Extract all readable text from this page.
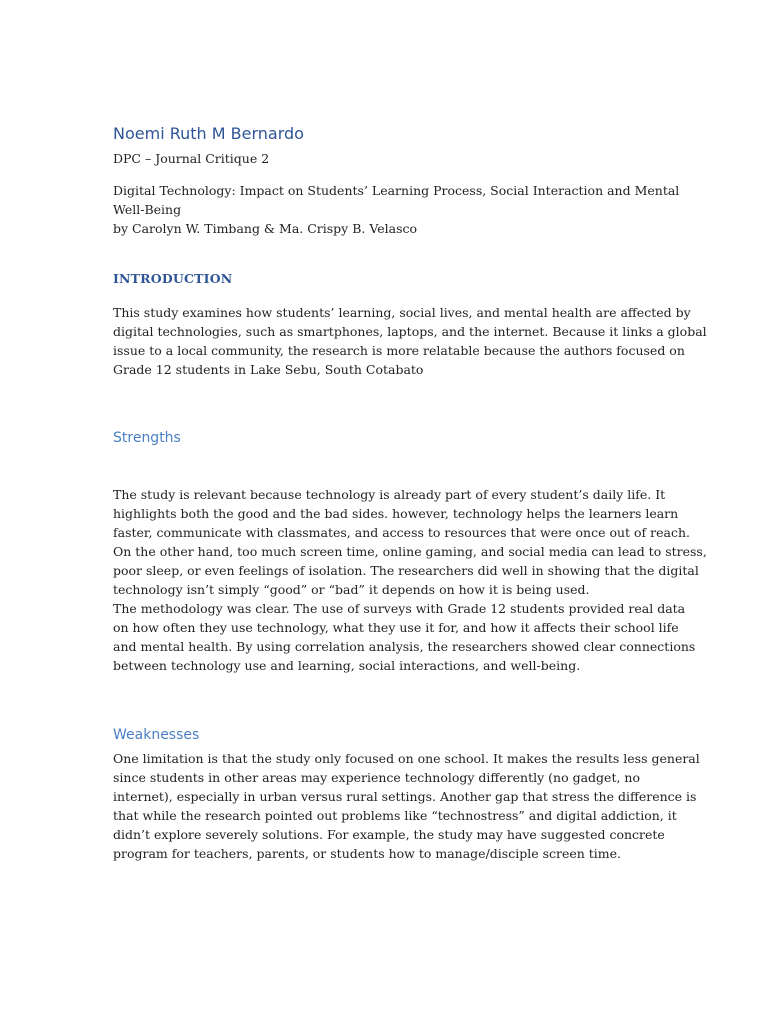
Noemi Ruth M Bernardo
DPC – Journal Critique 2
Digital Technology: Impact on Students’ Learning Process, Social Interaction and Mental
Well-Being
by Carolyn W. Timbang & Ma. Crispy B. Velasco
INTRODUCTION
This study examines how students’ learning, social lives, and mental health are affected by
digital technologies, such as smartphones, laptops, and the internet. Because it links a global
issue to a local community, the research is more relatable because the authors focused on
Grade 12 students in Lake Sebu, South Cotabato
Strengths
The study is relevant because technology is already part of every student’s daily life. It
highlights both the good and the bad sides. however, technology helps the learners learn
faster, communicate with classmates, and access to resources that were once out of reach.
On the other hand, too much screen time, online gaming, and social media can lead to stress,
poor sleep, or even feelings of isolation. The researchers did well in showing that the digital
technology isn’t simply “good” or “bad” it depends on how it is being used.
The methodology was clear. The use of surveys with Grade 12 students provided real data
on how often they use technology, what they use it for, and how it affects their school life
and mental health. By using correlation analysis, the researchers showed clear connections
between technology use and learning, social interactions, and well-being.
Weaknesses
One limitation is that the study only focused on one school. It makes the results less general
since students in other areas may experience technology differently (no gadget, no
internet), especially in urban versus rural settings. Another gap that stress the difference is
that while the research pointed out problems like “technostress” and digital addiction, it
didn’t explore severely solutions. For example, the study may have suggested concrete
program for teachers, parents, or students how to manage/disciple screen time.
